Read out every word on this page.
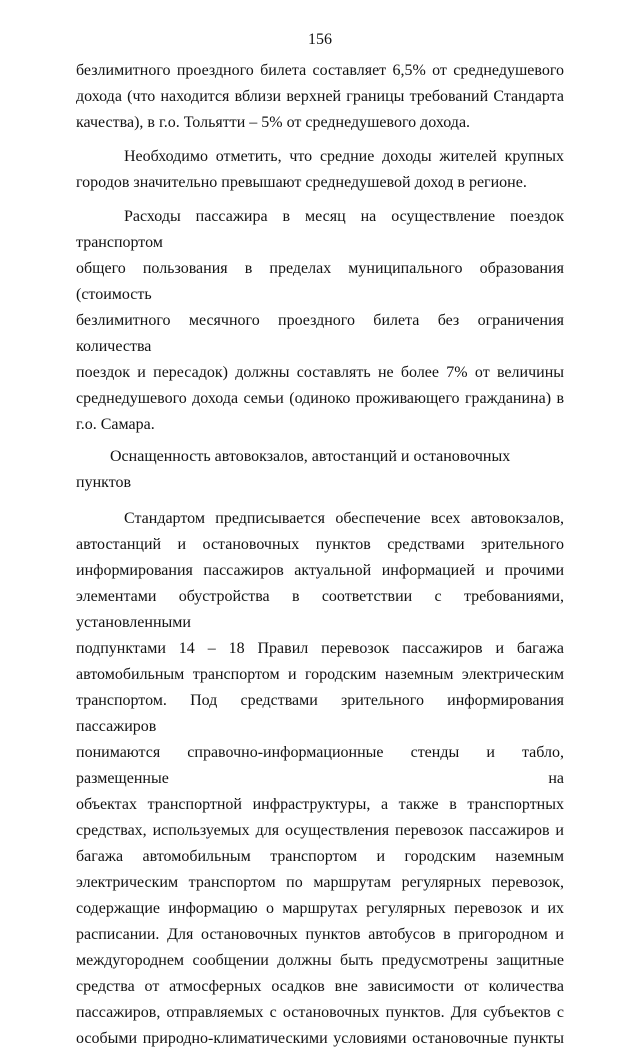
156
безлимитного проездного билета составляет 6,5% от среднедушевого
дохода (что находится вблизи верхней границы требований Стандарта
качества), в г.о. Тольятти – 5% от среднедушевого дохода.
Необходимо отметить, что средние доходы жителей крупных
городов значительно превышают среднедушевой доход в регионе.
Расходы пассажира в месяц на осуществление поездок транспортом
общего пользования в пределах муниципального образования (стоимость
безлимитного месячного проездного билета без ограничения количества
поездок и пересадок) должны составлять не более 7% от величины
среднедушевого дохода семьи (одиноко проживающего гражданина) в
г.о. Самара.
Оснащенность автовокзалов, автостанций и остановочных пунктов
Стандартом предписывается обеспечение всех автовокзалов,
автостанций и остановочных пунктов средствами зрительного
информирования пассажиров актуальной информацией и прочими
элементами обустройства в соответствии с требованиями, установленными
подпунктами 14 – 18 Правил перевозок пассажиров и багажа
автомобильным транспортом и городским наземным электрическим
транспортом. Под средствами зрительного информирования пассажиров
понимаются справочно-информационные стенды и табло, размещенные на
объектах транспортной инфраструктуры, а также в транспортных
средствах, используемых для осуществления перевозок пассажиров и
багажа автомобильным транспортом и городским наземным
электрическим транспортом по маршрутам регулярных перевозок,
содержащие информацию о маршрутах регулярных перевозок и их
расписании. Для остановочных пунктов автобусов в пригородном и
междугороднем сообщении должны быть предусмотрены защитные
средства от атмосферных осадков вне зависимости от количества
пассажиров, отправляемых с остановочных пунктов. Для субъектов с
особыми природно-климатическими условиями остановочные пункты
